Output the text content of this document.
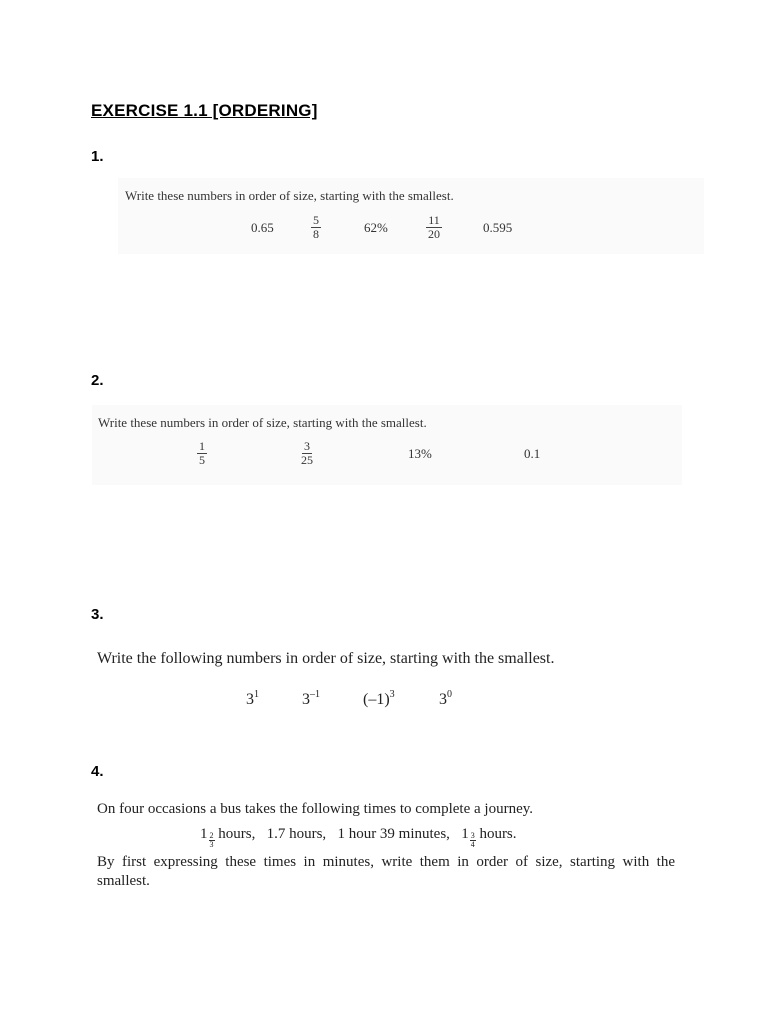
EXERCISE 1.1 [ORDERING]
1.
Write these numbers in order of size, starting with the smallest.
0.65	$\frac{5}{8}$	62%	$\frac{11}{20}$	0.595
2.
Write these numbers in order of size, starting with the smallest.
$\frac{1}{5}$	$\frac{3}{25}$	13%	0.1
3.
Write the following numbers in order of size, starting with the smallest.
$3^1$	$3^{-1}$	$(-1)^3$	$3^0$
4.
On four occasions a bus takes the following times to complete a journey.
$1 \frac{2}{3}$ hours, 1.7 hours, 1 hour 39 minutes, $1 \frac{3}{4}$ hours.
By first expressing these times in minutes, write them in order of size, starting with the smallest.
